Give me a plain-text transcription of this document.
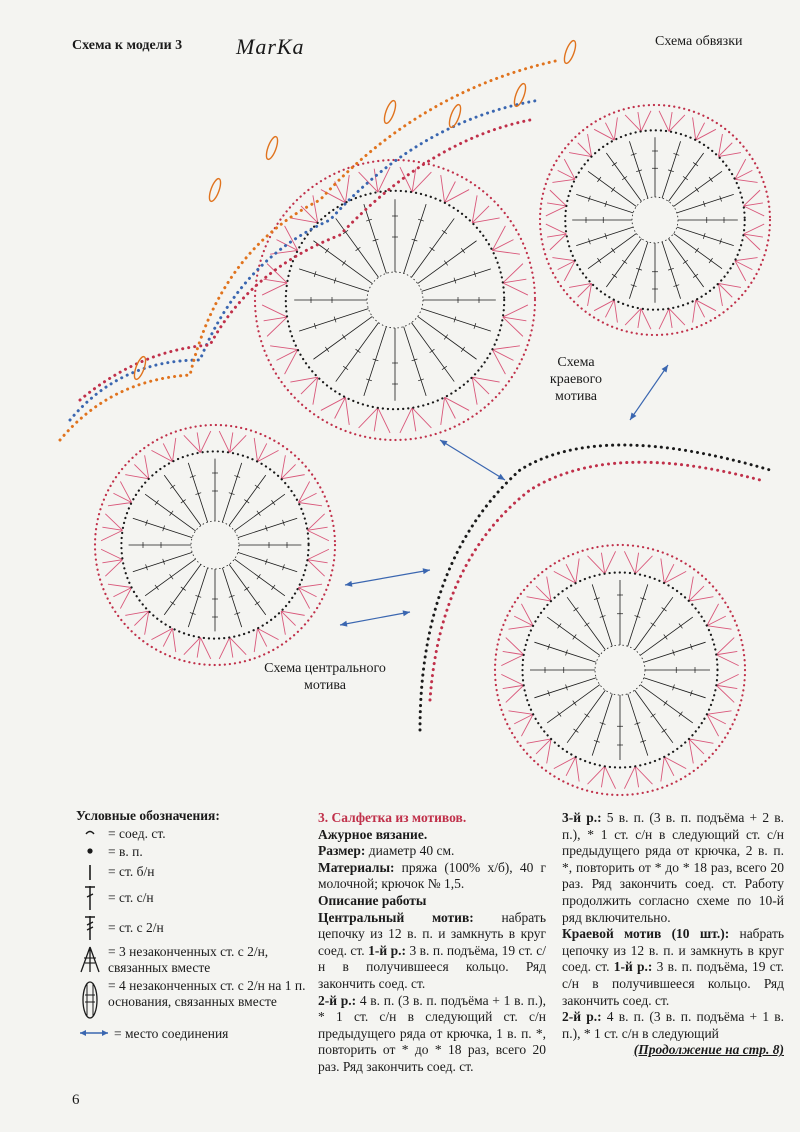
Схема к модели 3 MarKa	Схема обвязки
Схема
краевого
мотива
Схема центрального
мотива
Условные обозначения:
= соед. ст.
= в. п.
= ст. б/н
= ст. с/н
= ст. с 2/н
= 3 незаконченных ст. с 2/н, связанных вместе
= 4 незаконченных ст. с 2/н на 1 п. основания, связанных вместе
= место соединения

3. Салфетка из мотивов.

Ажурное вязание.

Размер: диаметр 40 см.

Материалы: пряжа (100% х/б), 40 г молочной; крючок № 1,5.

Описание работы

Центральный мотив: набрать цепочку из 12 в. п. и замкнуть в круг соед. ст. 1-й р.: 3 в. п. подъёма, 19 ст. с/н в получившееся кольцо. Ряд закончить соед. ст.

2-й р.: 4 в. п. (3 в. п. подъёма + 1 в. п.), * 1 ст. с/н в следующий ст. с/н предыдущего ряда от крючка, 1 в. п. *, повторить от * до * 18 раз, всего 20 раз. Ряд закончить соед. ст.

3-й р.: 5 в. п. (3 в. п. подъёма + 2 в. п.), * 1 ст. с/н в следующий ст. с/н предыдущего ряда от крючка, 2 в. п. *, повторить от * до * 18 раз, всего 20 раз. Ряд закончить соед. ст. Работу продолжить согласно схеме по 10-й ряд включительно.

Краевой мотив (10 шт.): набрать цепочку из 12 в. п. и замкнуть в круг соед. ст. 1-й р.: 3 в. п. подъёма, 19 ст. с/н в получившееся кольцо. Ряд закончить соед. ст.

2-й р.: 4 в. п. (3 в. п. подъёма + 1 в. п.), * 1 ст. с/н в следующий

(Продолжение на стр. 8)

6
